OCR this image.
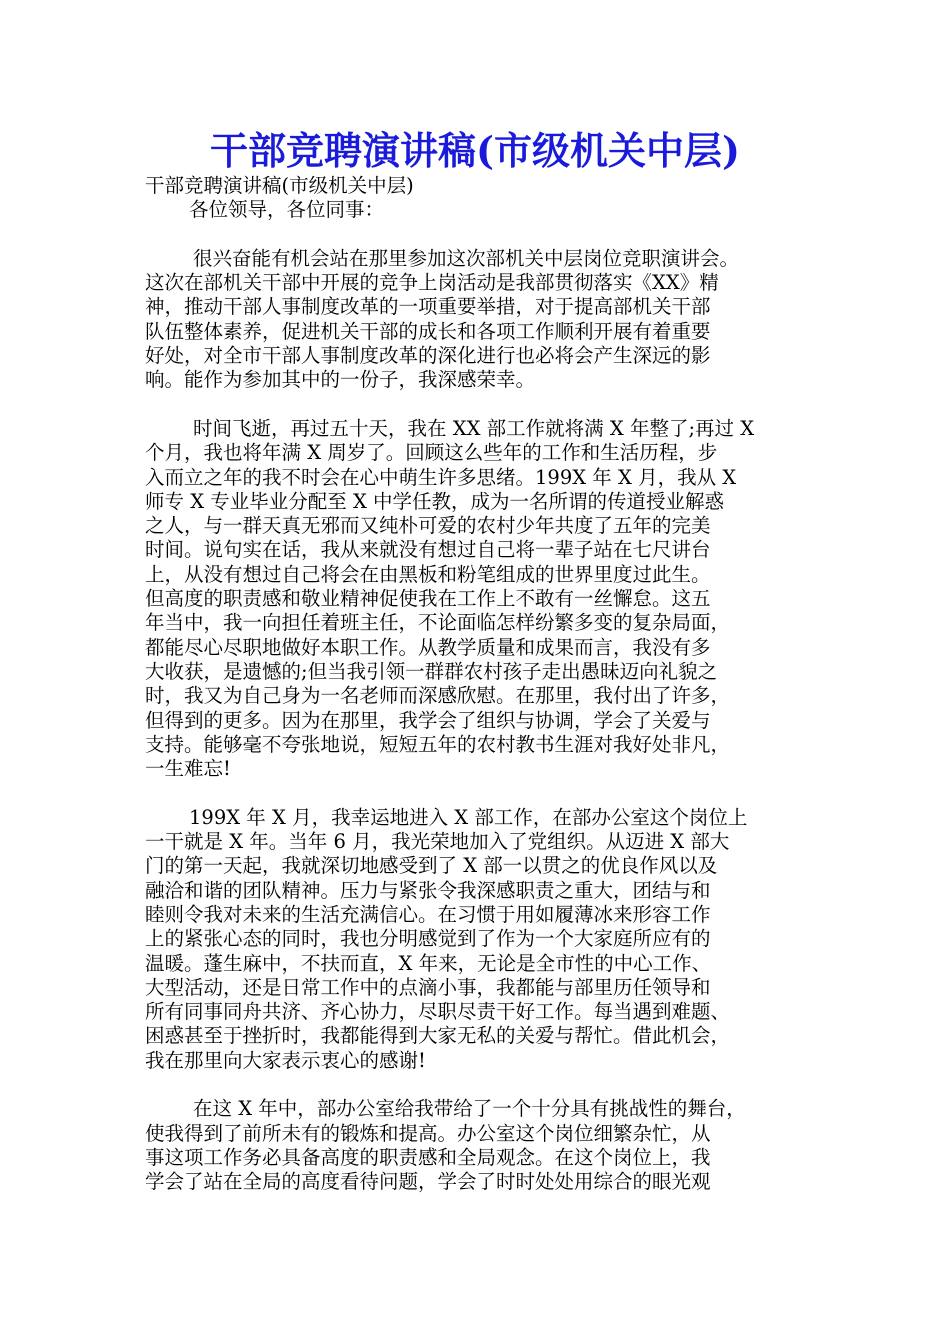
干部竞聘演讲稿(市级机关中层)
干部竞聘演讲稿(市级机关中层)
各位领导，各位同事：
很兴奋能有机会站在那里参加这次部机关中层岗位竞职演讲会。
这次在部机关干部中开展的竞争上岗活动是我部贯彻落实《XX》精
神，推动干部人事制度改革的一项重要举措，对于提高部机关干部
队伍整体素养，促进机关干部的成长和各项工作顺利开展有着重要
好处，对全市干部人事制度改革的深化进行也必将会产生深远的影
响。能作为参加其中的一份子，我深感荣幸。
时间飞逝，再过五十天，我在 XX 部工作就将满 X 年整了;再过 X
个月，我也将年满 X 周岁了。回顾这么些年的工作和生活历程，步
入而立之年的我不时会在心中萌生许多思绪。199X 年 X 月，我从 X
师专 X 专业毕业分配至 X 中学任教，成为一名所谓的传道授业解惑
之人，与一群天真无邪而又纯朴可爱的农村少年共度了五年的完美
时间。说句实在话，我从来就没有想过自己将一辈子站在七尺讲台
上，从没有想过自己将会在由黑板和粉笔组成的世界里度过此生。
但高度的职责感和敬业精神促使我在工作上不敢有一丝懈怠。这五
年当中，我一向担任着班主任，不论面临怎样纷繁多变的复杂局面，
都能尽心尽职地做好本职工作。从教学质量和成果而言，我没有多
大收获，是遗憾的;但当我引领一群群农村孩子走出愚昧迈向礼貌之
时，我又为自己身为一名老师而深感欣慰。在那里，我付出了许多，
但得到的更多。因为在那里，我学会了组织与协调，学会了关爱与
支持。能够毫不夸张地说，短短五年的农村教书生涯对我好处非凡，
一生难忘!
199X 年 X 月，我幸运地进入 X 部工作，在部办公室这个岗位上
一干就是 X 年。当年 6 月，我光荣地加入了党组织。从迈进 X 部大
门的第一天起，我就深切地感受到了 X 部一以贯之的优良作风以及
融洽和谐的团队精神。压力与紧张令我深感职责之重大，团结与和
睦则令我对未来的生活充满信心。在习惯于用如履薄冰来形容工作
上的紧张心态的同时，我也分明感觉到了作为一个大家庭所应有的
温暖。蓬生麻中，不扶而直，X 年来，无论是全市性的中心工作、
大型活动，还是日常工作中的点滴小事，我都能与部里历任领导和
所有同事同舟共济、齐心协力，尽职尽责干好工作。每当遇到难题、
困惑甚至于挫折时，我都能得到大家无私的关爱与帮忙。借此机会，
我在那里向大家表示衷心的感谢!
在这 X 年中，部办公室给我带给了一个十分具有挑战性的舞台，
使我得到了前所未有的锻炼和提高。办公室这个岗位细繁杂忙，从
事这项工作务必具备高度的职责感和全局观念。在这个岗位上，我
学会了站在全局的高度看待问题，学会了时时处处用综合的眼光观
